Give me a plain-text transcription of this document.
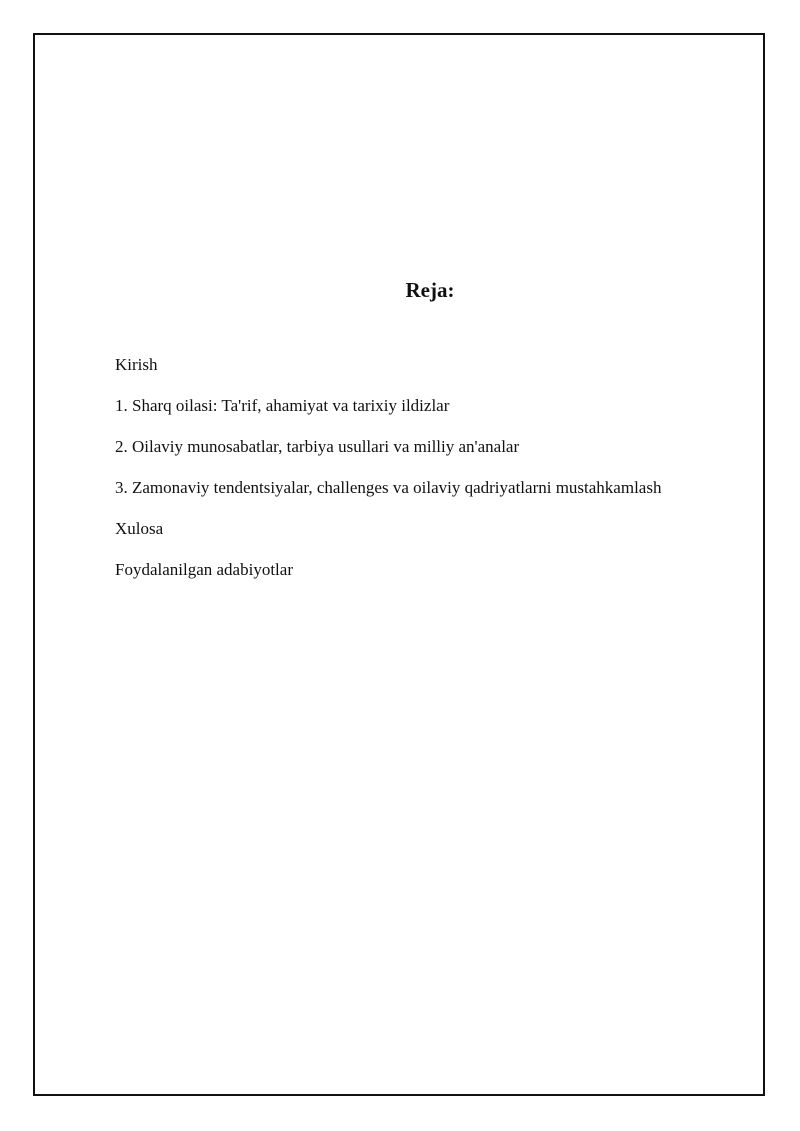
Reja:
Kirish
1. Sharq oilasi: Ta'rif, ahamiyat va tarixiy ildizlar
2. Oilaviy munosabatlar, tarbiya usullari va milliy an'analar
3. Zamonaviy tendentsiyalar, challenges va oilaviy qadriyatlarni mustahkamlash
Xulosa
Foydalanilgan adabiyotlar
